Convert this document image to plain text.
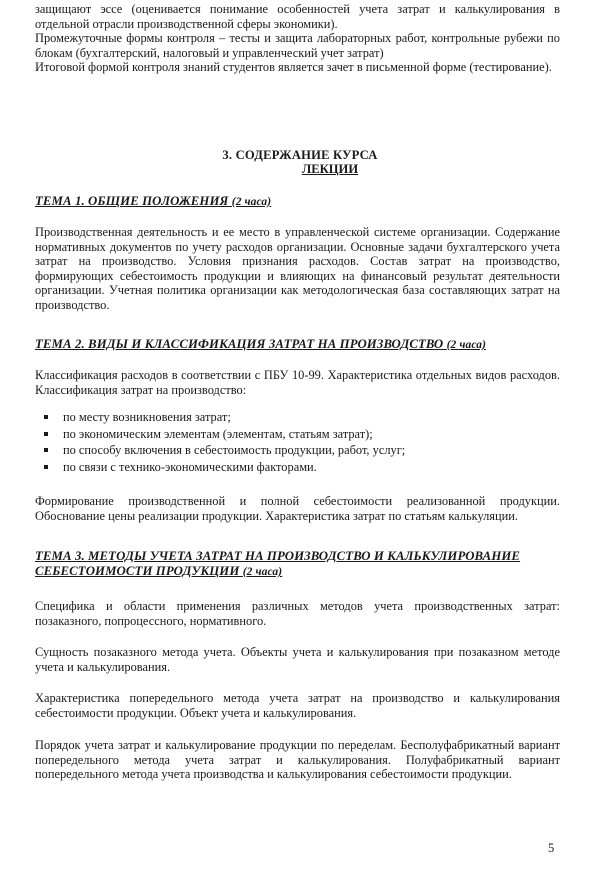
защищают эссе (оценивается понимание особенностей учета затрат и калькулирования в отдельной отрасли производственной сферы экономики).

Промежуточные формы контроля – тесты и защита лабораторных работ, контрольные рубежи по блокам (бухгалтерский, налоговый и управленческий учет затрат)

Итоговой формой контроля знаний студентов является зачет в письменной форме (тестирование).

3. СОДЕРЖАНИЕ КУРСА
ЛЕКЦИИ

ТЕМА 1. ОБЩИЕ ПОЛОЖЕНИЯ (2 часа)

Производственная деятельность и ее место в управленческой системе организации. Содержание нормативных документов по учету расходов организации. Основные задачи бухгалтерского учета затрат на производство. Условия признания расходов. Состав затрат на производство, формирующих себестоимость продукции и влияющих на финансовый результат деятельности организации. Учетная политика организации как методологическая база составляющих затрат на производство.

ТЕМА 2. ВИДЫ И КЛАССИФИКАЦИЯ ЗАТРАТ НА ПРОИЗВОДСТВО (2 часа)

Классификация расходов в соответствии с ПБУ 10-99. Характеристика отдельных видов расходов. Классификация затрат на производство:

по месту возникновения затрат;
по экономическим элементам (элементам, статьям затрат);
по способу включения в себестоимость продукции, работ, услуг;
по связи с технико-экономическими факторами.

Формирование производственной и полной себестоимости реализованной продукции. Обоснование цены реализации продукции. Характеристика затрат по статьям калькуляции.

ТЕМА 3. МЕТОДЫ УЧЕТА ЗАТРАТ НА ПРОИЗВОДСТВО И КАЛЬКУЛИРОВАНИЕ
СЕБЕСТОИМОСТИ ПРОДУКЦИИ (2 часа)

Специфика и области применения различных методов учета производственных затрат: позаказного, попроцессного, нормативного.

Сущность позаказного метода учета. Объекты учета и калькулирования при позаказном методе учета и калькулирования.

Характеристика попередельного метода учета затрат на производство и калькулирования себестоимости продукции. Объект учета и калькулирования.

Порядок учета затрат и калькулирование продукции по переделам. Бесполуфабрикатный вариант попередельного метода учета затрат и калькулирования. Полуфабрикатный вариант попередельного метода учета производства и калькулирования себестоимости продукции.

5
